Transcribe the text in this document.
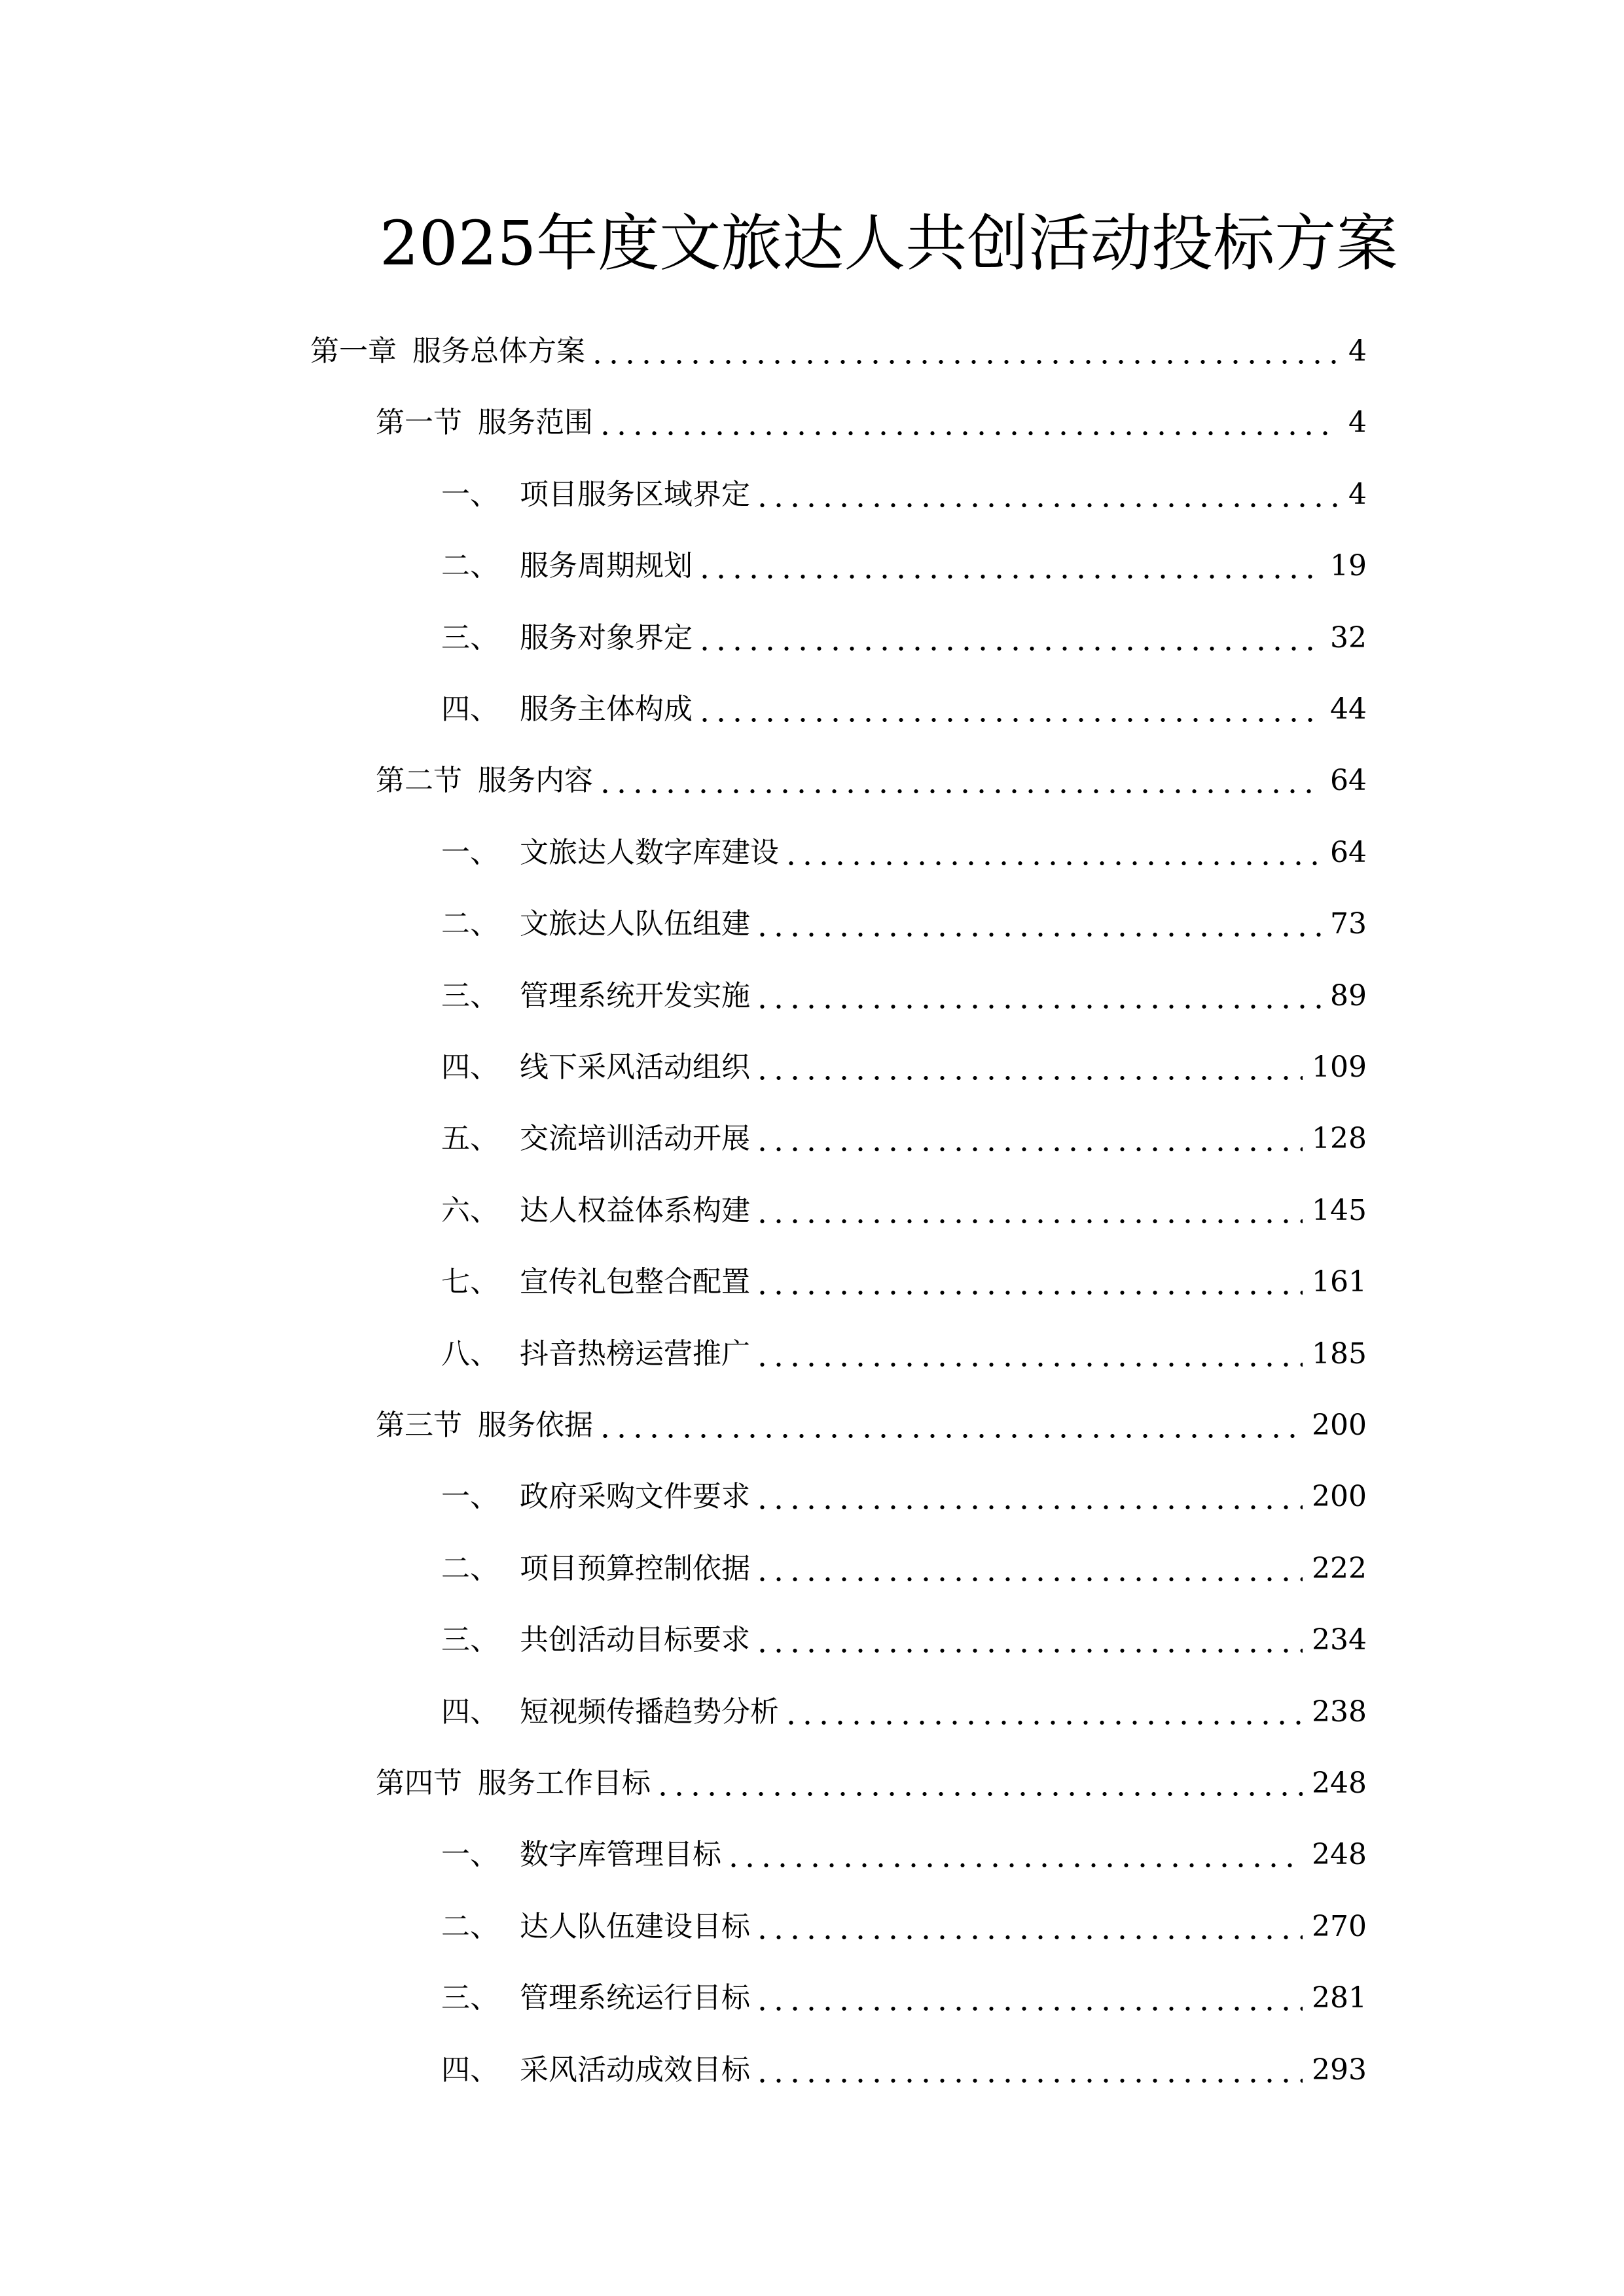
2025年度文旅达人共创活动投标方案
第一章 服务总体方案	4
第一节 服务范围	4
一、 项目服务区域界定	4
二、 服务周期规划	19
三、 服务对象界定	32
四、 服务主体构成	44
第二节 服务内容	64
一、 文旅达人数字库建设	64
二、 文旅达人队伍组建	73
三、 管理系统开发实施	89
四、 线下采风活动组织	109
五、 交流培训活动开展	128
六、 达人权益体系构建	145
七、 宣传礼包整合配置	161
八、 抖音热榜运营推广	185
第三节 服务依据	200
一、 政府采购文件要求	200
二、 项目预算控制依据	222
三、 共创活动目标要求	234
四、 短视频传播趋势分析	238
第四节 服务工作目标	248
一、 数字库管理目标	248
二、 达人队伍建设目标	270
三、 管理系统运行目标	281
四、 采风活动成效目标	293
